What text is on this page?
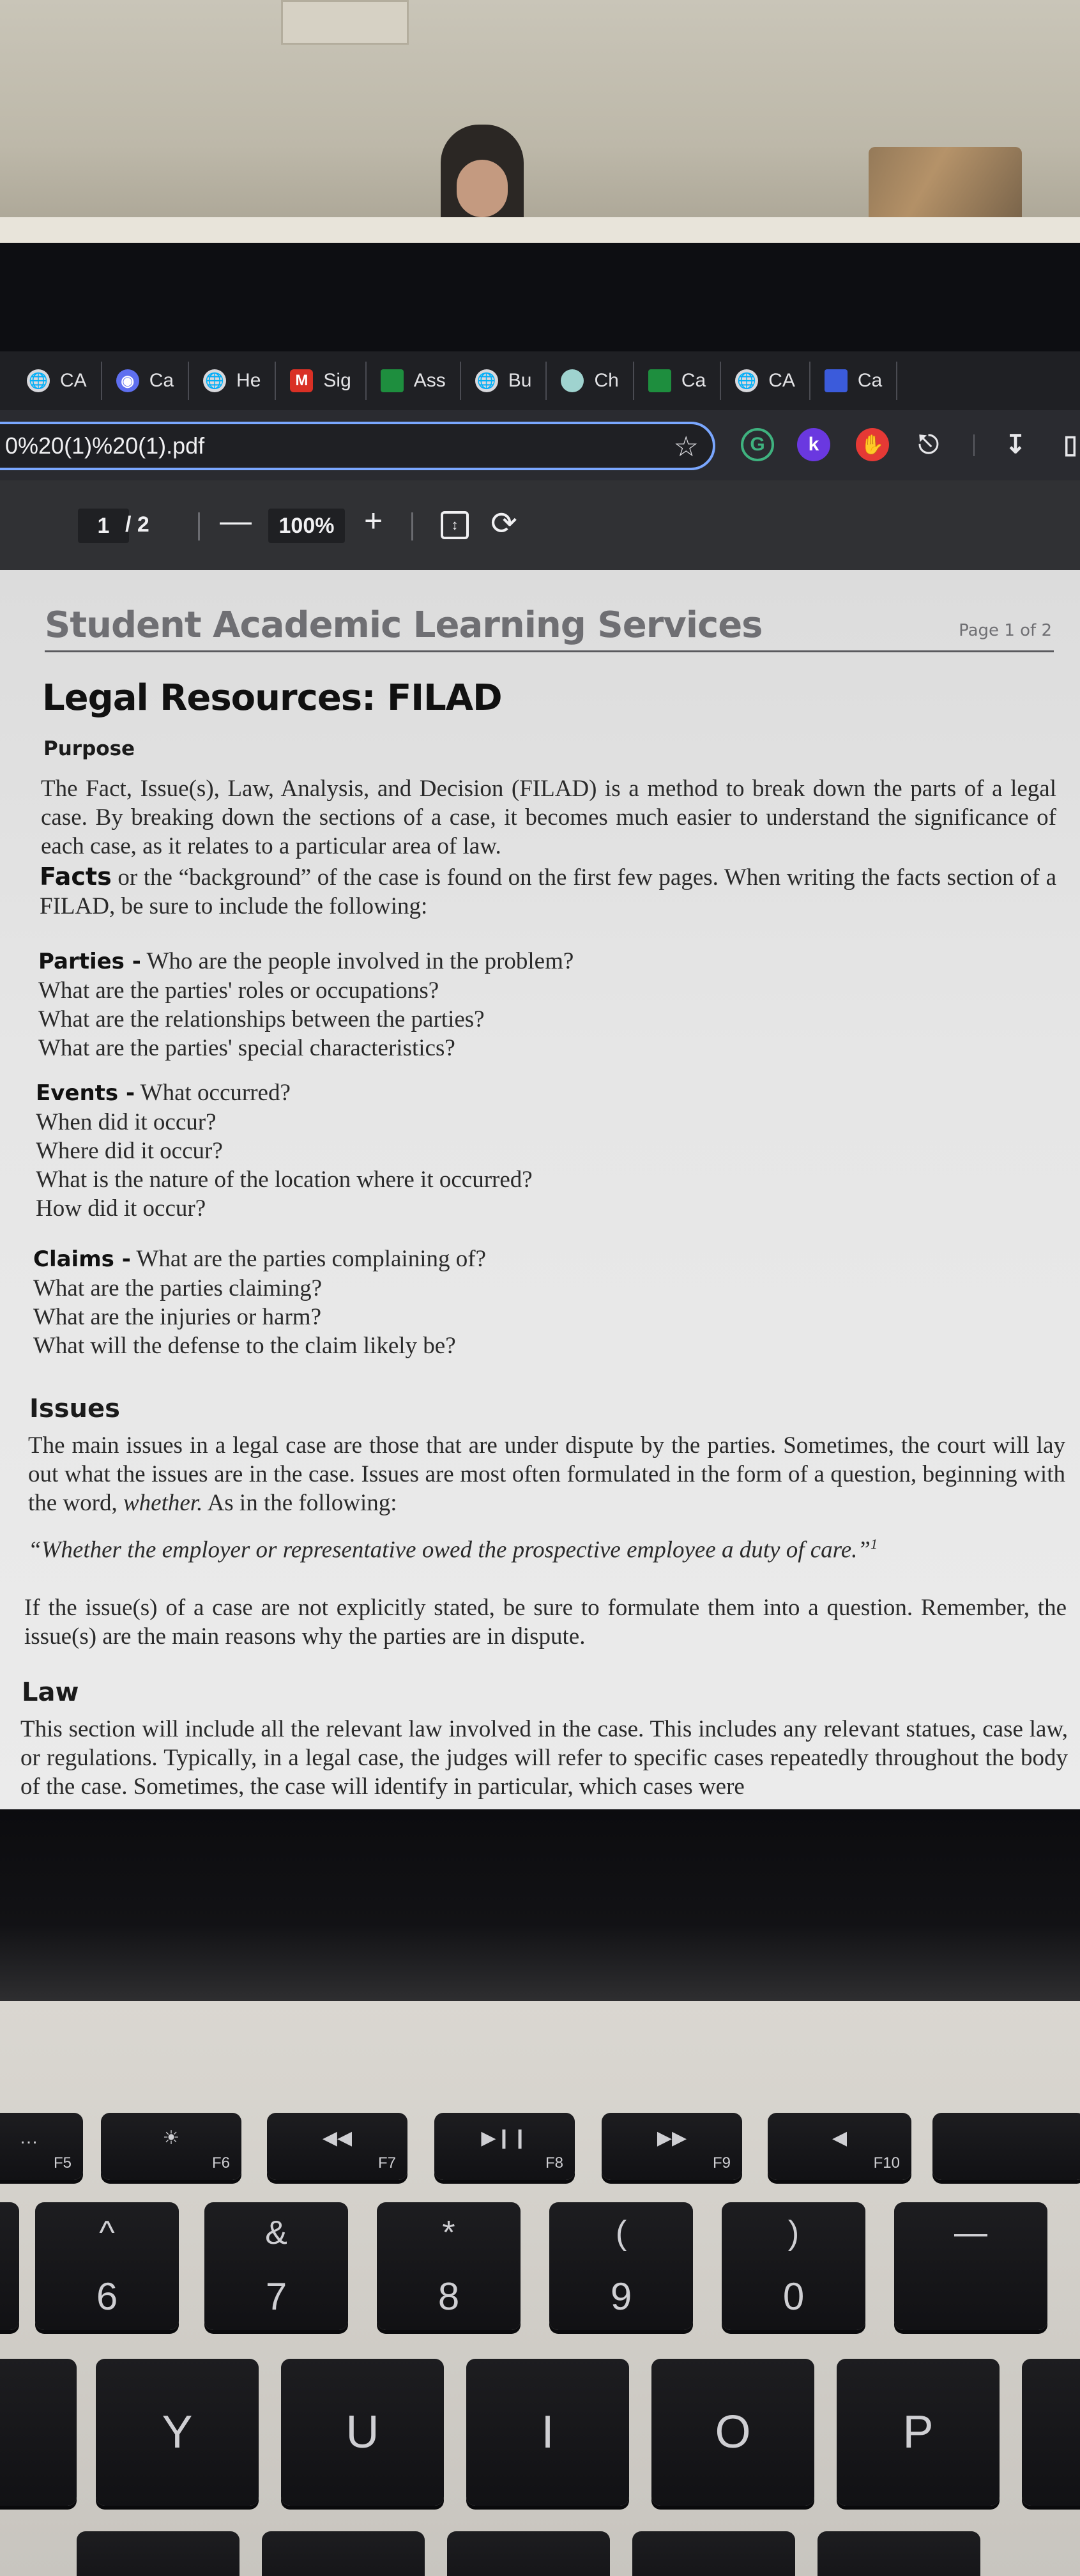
🌐 CA	◉ Ca 🌐 He	M Sig	Ass 🌐 Bu	Ch	Ca 🌐 CA	Ca
0%20(1)%20(1).pdf	☆	G	k	✋ ⎋	↧	▯
1 / 2 —	100% +	↕	⟳
Student Academic Learning Services	Page 1 of 2
Legal Resources: FILAD
Purpose
The Fact, Issue(s), Law, Analysis, and Decision (FILAD) is a method to break down the parts of a legal case. By breaking down the sections of a case, it becomes much easier to understand the significance of each case, as it relates to a particular area of law.
Facts or the “background” of the case is found on the first few pages. When writing the facts section of a FILAD, be sure to include the following:
Parties - Who are the people involved in the problem?
What are the parties' roles or occupations?
What are the relationships between the parties?
What are the parties' special characteristics?
Events - What occurred?
When did it occur?
Where did it occur?
What is the nature of the location where it occurred?
How did it occur?
Claims - What are the parties complaining of?
What are the parties claiming?
What are the injuries or harm?
What will the defense to the claim likely be?
Issues
The main issues in a legal case are those that are under dispute by the parties. Sometimes, the court will lay out what the issues are in the case. Issues are most often formulated in the form of a question, beginning with the word, whether. As in the following:
“Whether the employer or representative owed the prospective employee a duty of care.”$^1$
If the issue(s) of a case are not explicitly stated, be sure to formulate them into a question. Remember, the issue(s) are the main reasons why the parties are in dispute.
Law
This section will include all the relevant law involved in the case. This includes any relevant statues, case law, or regulations. Typically, in a legal case, the judges will refer to specific cases repeatedly throughout the body of the case. Sometimes, the case will identify in particular, which cases were
…
F5
☀
F6
◀◀
F7
▶❙❙
F8
▶▶
F9
◀
F10
^
6
&
7
*
8
(
9
)
0
—
Y	U	I	O	P
